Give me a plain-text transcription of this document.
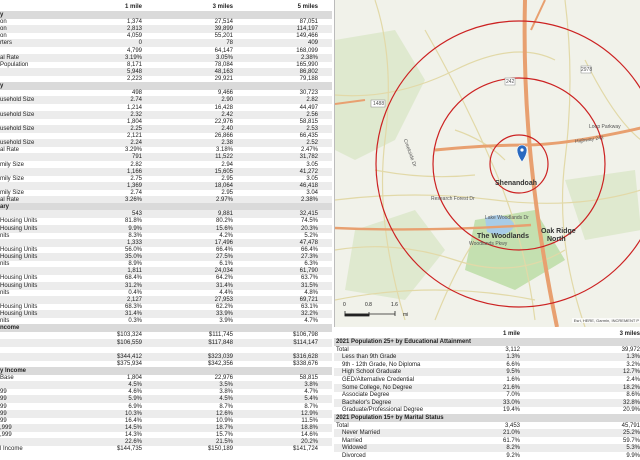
1 mile	3 miles	5 miles
y
on	1,374	27,514	87,051
on	2,813	39,899	114,197
on	4,059	55,201	149,466
rters	0	78	409
4,799	64,147	168,099
al Rate	3.19%	3.05%	2.38%
Population	8,171	78,084	165,990
5,948	48,163	86,802
2,223	29,921	79,188
y
498	9,466	30,723
usehold Size	2.74	2.90	2.82
1,214	16,428	44,497
usehold Size	2.32	2.42	2.56
1,804	22,976	58,815
usehold Size	2.25	2.40	2.53
2,121	26,866	66,435
usehold Size	2.24	2.38	2.52
al Rate	3.29%	3.18%	2.47%
791	11,522	31,782
mily Size	2.82	2.94	3.05
1,166	15,605	41,272
mily Size	2.75	2.95	3.05
1,369	18,064	46,418
mily Size	2.74	2.95	3.04
al Rate	3.26%	2.97%	2.38%
ary
543	9,881	32,415
Housing Units	81.8%	80.2%	74.5%
Housing Units	9.9%	15.6%	20.3%
nits	8.3%	4.2%	5.2%
1,333	17,496	47,478
Housing Units	56.0%	66.4%	66.4%
Housing Units	35.0%	27.5%	27.3%
nits	8.9%	6.1%	6.3%
1,811	24,034	61,790
Housing Units	68.4%	64.2%	63.7%
Housing Units	31.2%	31.4%	31.5%
nits	0.4%	4.4%	4.8%
2,127	27,953	69,721
Housing Units	68.3%	62.2%	63.1%
Housing Units	31.4%	33.9%	32.2%
nits	0.3%	3.9%	4.7%
ncome
$103,324	$111,745	$106,798
$106,559	$117,848	$114,147
$344,412	$323,039	$316,628
$375,934	$342,356	$338,676
y Income
Base	1,804	22,976	58,815
4.5%	3.5%	3.8%
99	4.6%	3.8%	4.7%
99	5.9%	4.5%	5.4%
99	6.9%	8.7%	8.7%
99	10.3%	12.6%	12.9%
99	16.4%	10.9%	11.5%
,999	14.5%	18.7%	18.8%
,999	14.3%	15.7%	14.6%
22.6%	21.5%	20.2%
l Income	$144,735	$150,189	$141,724
Shenandoah
The Woodlands
Oak Ridge
North
Highway 242
Lake Woodlands Dr
Research Forest Dr
Woodlands Pkwy
Loop Parkway
Creekside Dr
1488
242
2978
0	0.8	1.6
mi
Esri, HERE, Garmin, INCREMENT P
1 mile	3 miles
2021 Population 25+ by Educational Attainment
Total	3,112	39,972
Less than 9th Grade	1.3%	1.3%
9th - 12th Grade, No Diploma	6.6%	3.2%
High School Graduate	9.5%	12.7%
GED/Alternative Credential	1.6%	2.4%
Some College, No Degree	21.6%	18.2%
Associate Degree	7.0%	8.6%
Bachelor's Degree	33.0%	32.8%
Graduate/Professional Degree	19.4%	20.9%
2021 Population 15+ by Marital Status
Total	3,453	45,791
Never Married	21.0%	25.2%
Married	61.7%	59.7%
Widowed	8.2%	5.3%
Divorced	9.2%	9.9%
